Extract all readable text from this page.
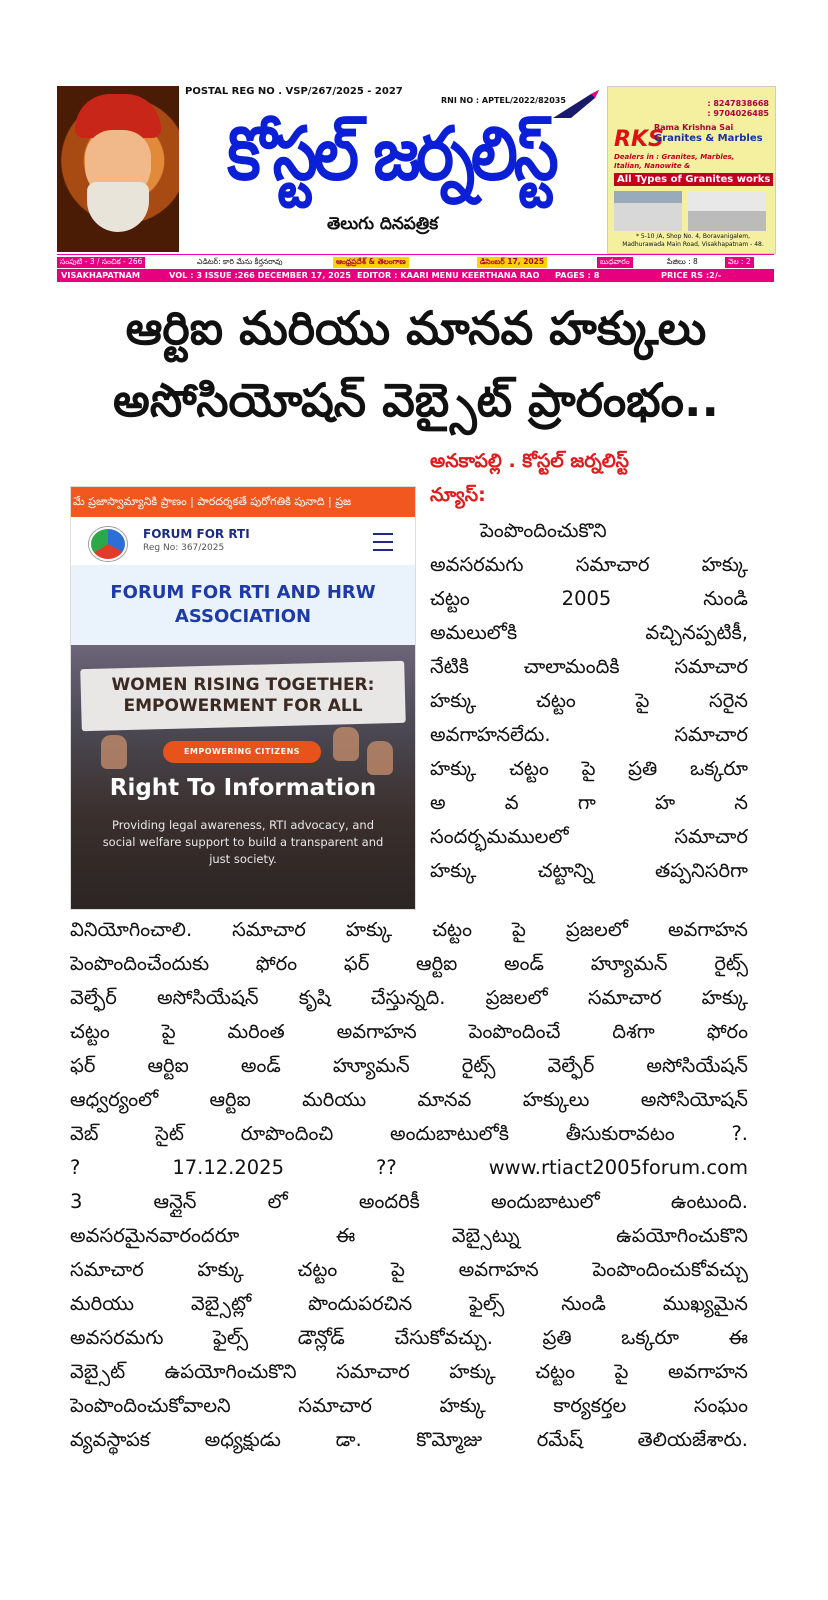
POSTAL REG NO . VSP/267/2025 - 2027
RNI NO : APTEL/2022/82035
కోస్టల్ జర్నలిస్ట్
తెలుగు దినపత్రిక
: 8247838668
: 9704026485
RKS
Rama Krishna Sai
Granites & Marbles
Dealers in : Granites, Marbles, Italian, Nanowite &
All Types of Granites works
* 5-10 /A, Shop No. 4, Boravanigalem, Madhurawada Main Road, Visakhapatnam - 48.
సంపుటి - 3 / సంచిక - 266	ఎడిటర్: కారి మేను కీర్తనరావు	ఆంధ్రప్రదేశ్ & తెలంగాణ	డిసెంబర్ 17, 2025	బుధవారం	పేజిలు : 8	వెల : 2
VISAKHAPATNAM	VOL : 3 ISSUE :266 DECEMBER 17, 2025 EDITOR : KAARI MENU KEERTHANA RAO PAGES : 8	PRICE RS :2/-
ఆర్టిఐ మరియు మానవ హక్కులు
అసోసియోషన్ వెబ్సైట్ ప్రారంభం..
మే ప్రజాస్వామ్యానికి ప్రాణం | పారదర్శకతే పురోగతికి పునాది | ప్రజ
FORUM FOR RTI
Reg No: 367/2025
FORUM FOR RTI AND HRW
ASSOCIATION
WOMEN RISING TOGETHER:
EMPOWERMENT FOR ALL
EMPOWERING CITIZENS
Right To Information
Providing legal awareness, RTI advocacy, and social welfare support to build a transparent and just society.
అనకాపల్లి . కోస్టల్ జర్నలిస్ట్
న్యూస్:
పెంపొందించుకొని
అవసరమగు సమాచార హక్కు
చట్టం 2005 నుండి
అమలులోకి వచ్చినప్పటికీ,
నేటికి చాలామందికి సమాచార
హక్కు చట్టం పై సరైన
అవగాహనలేదు. సమాచార
హక్కు చట్టం పై ప్రతి ఒక్కరూ
అ వ గా హ న
సందర్భమములలో సమాచార
హక్కు చట్టాన్ని తప్పనిసరిగా
వినియోగించాలి. సమాచార హక్కు చట్టం పై ప్రజలలో అవగాహన
పెంపొందించేందుకు ఫోరం ఫర్ ఆర్టిఐ అండ్ హ్యూమన్ రైట్స్
వెల్ఫేర్ అసోసియేషన్ కృషి చేస్తున్నది. ప్రజలలో సమాచార హక్కు
చట్టం పై మరింత అవగాహన పెంపొందించే దిశగా ఫోరం
ఫర్ ఆర్టిఐ అండ్ హ్యూమన్ రైట్స్ వెల్ఫేర్ అసోసియేషన్
ఆధ్వర్యంలో ఆర్టిఐ మరియు మానవ హక్కులు అసోసియోషన్
వెబ్ సైట్ రూపొందించి అందుబాటులోకి తీసుకురావటం ?.
? 17.12.2025 ?? www.rtiact2005forum.com
3 ఆన్లైన్ లో అందరికీ అందుబాటులో ఉంటుంది.
అవసరమైనవారందరూ ఈ వెబ్సైట్ను ఉపయోగించుకొని
సమాచార హక్కు చట్టం పై అవగాహన పెంపొందించుకోవచ్చు
మరియు వెబ్సైట్లో పొందుపరచిన ఫైల్స్ నుండి ముఖ్యమైన
అవసరమగు ఫైల్స్ డౌన్లోడ్ చేసుకోవచ్చు. ప్రతి ఒక్కరూ ఈ
వెబ్సైట్ ఉపయోగించుకొని సమాచార హక్కు చట్టం పై అవగాహన
పెంపొందించుకోవాలని సమాచార హక్కు కార్యకర్తల సంఘం
వ్యవస్థాపక అధ్యక్షుడు డా. కొమ్మోజు రమేష్ తెలియజేశారు.
